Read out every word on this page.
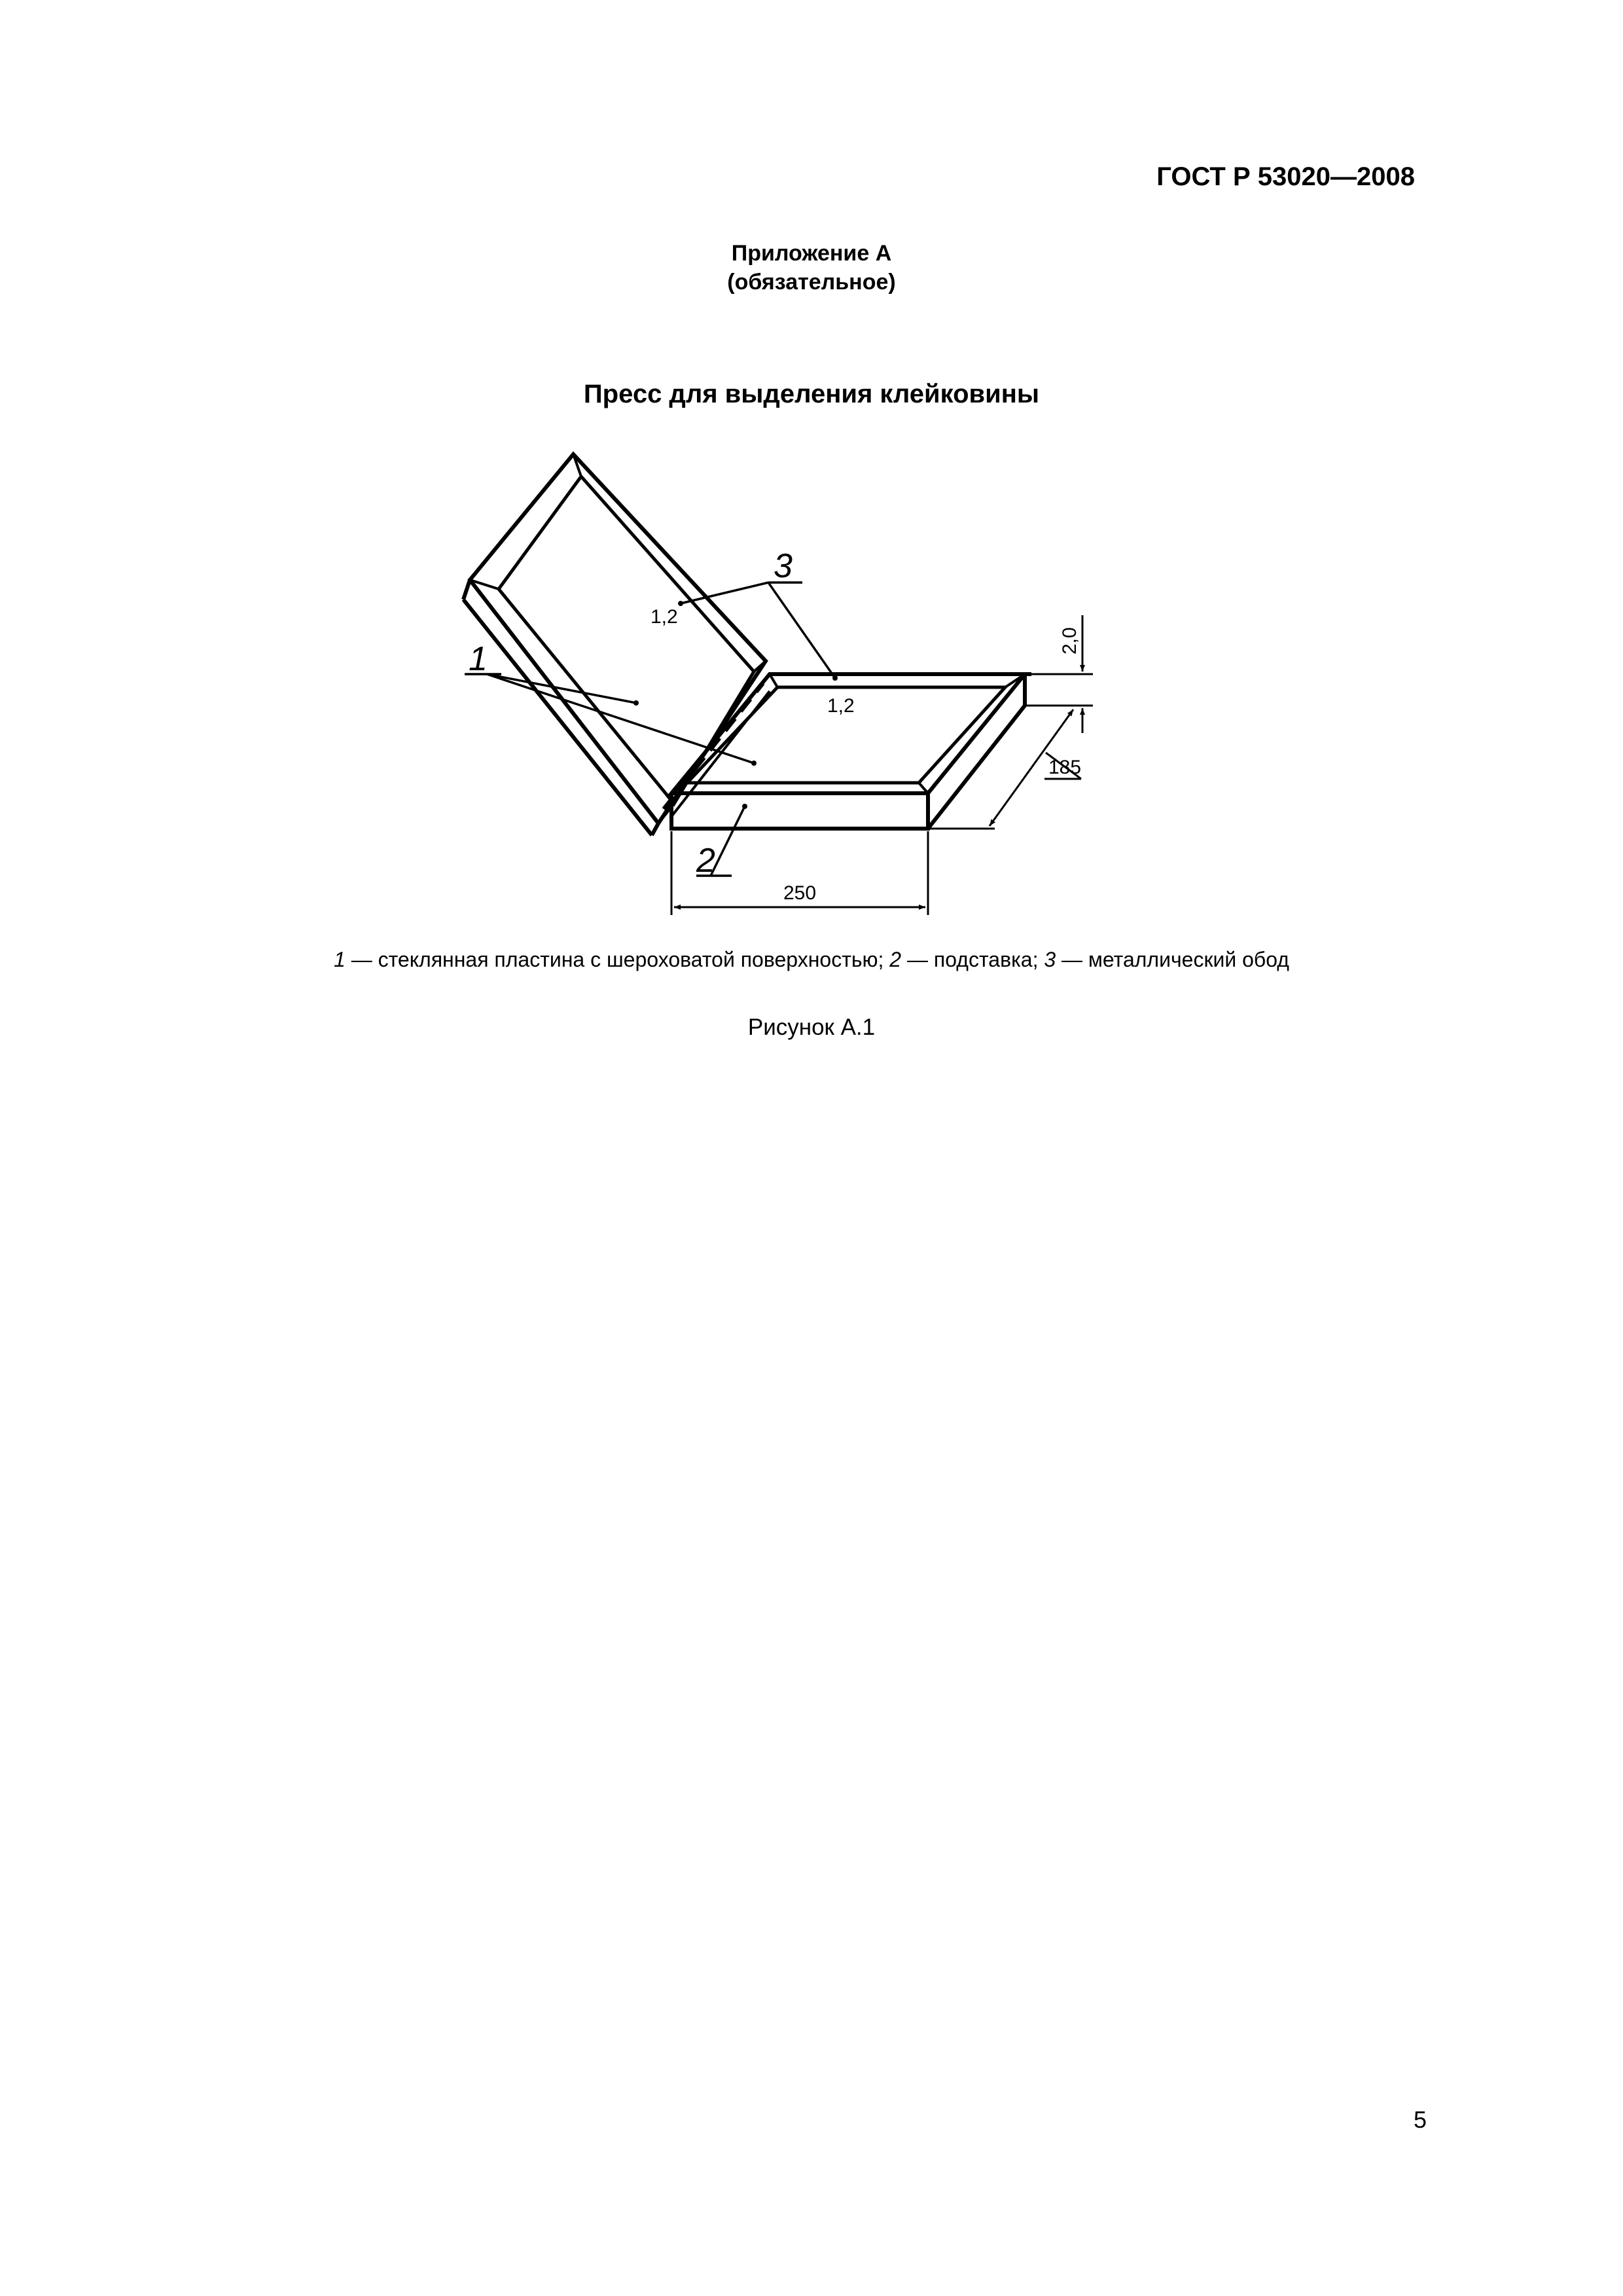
ГОСТ Р 53020—2008
Приложение А
(обязательное)
Пресс для выделения клейковины
1
2
3
1,2
1,2
250
185
2,0
1 — стеклянная пластина с шероховатой поверхностью; 2 — подставка; 3 — металлический обод
Рисунок А.1
5
